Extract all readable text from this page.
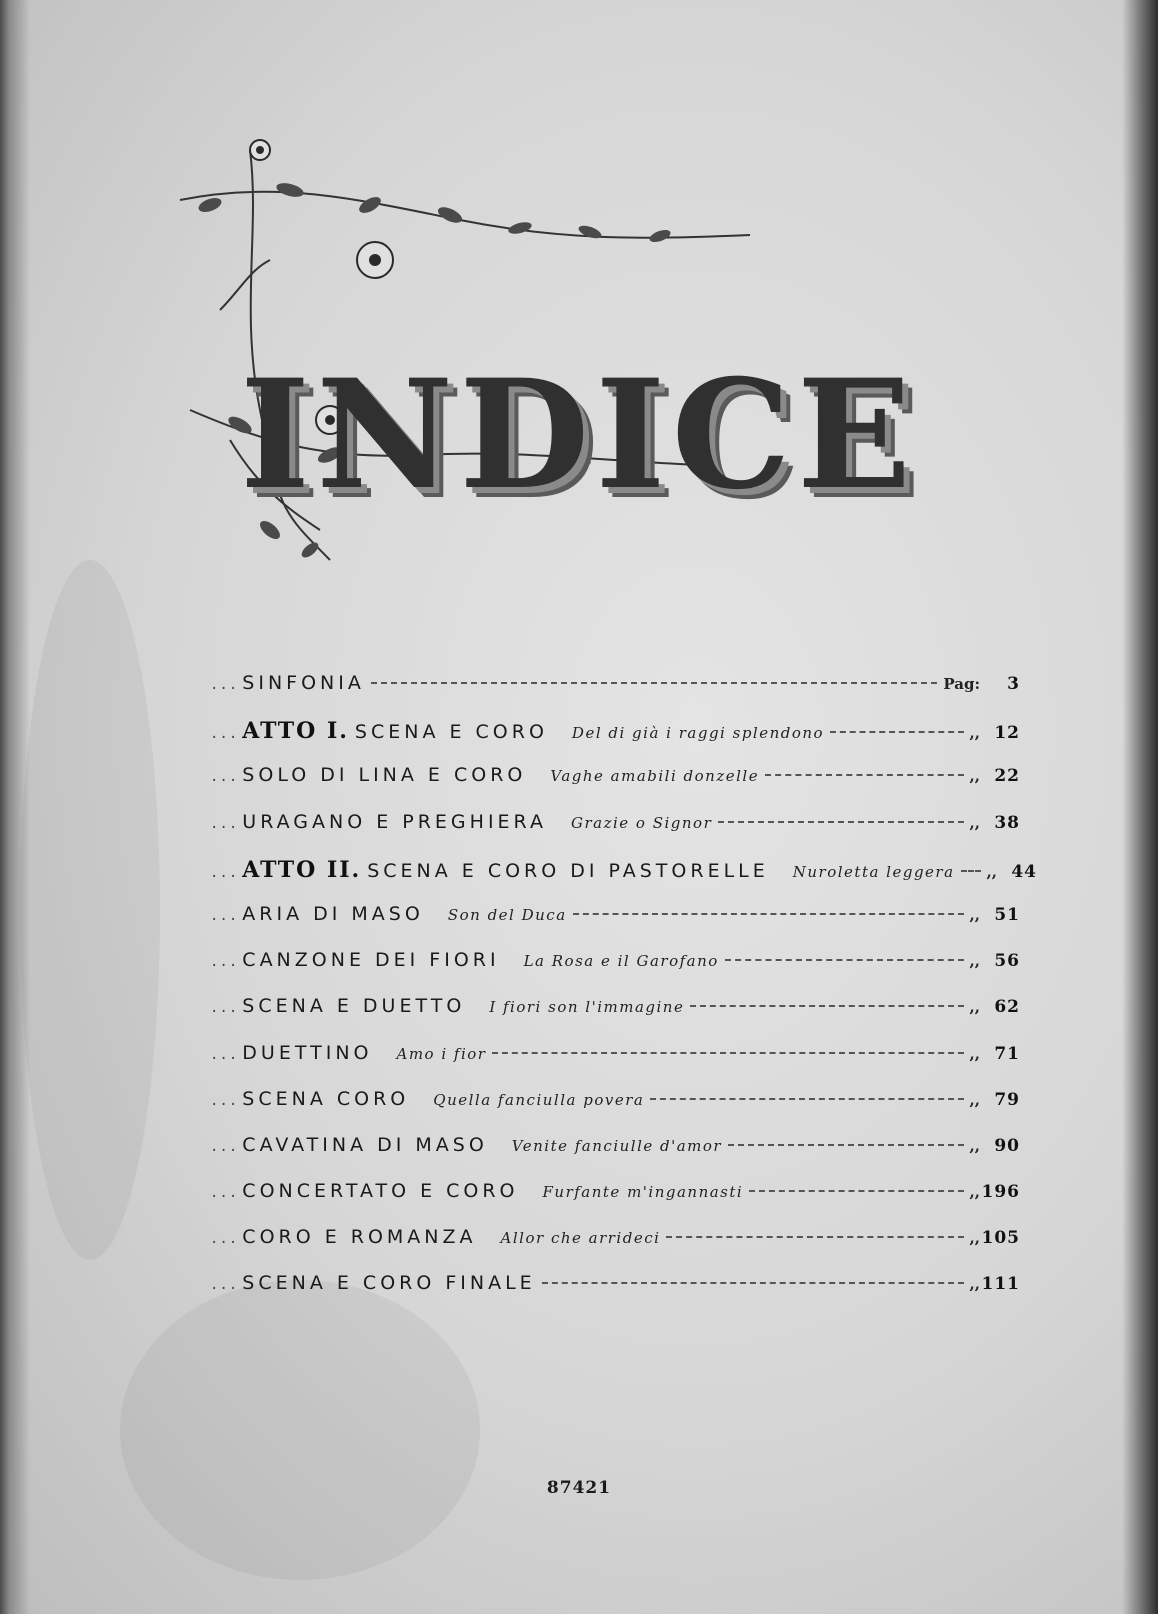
INDICE
... SINFONIA	Pag:	3
... ATTO I. SCENA E CORO Del di già i raggi splendono	,, 12
... SOLO DI LINA E CORO Vaghe amabili donzelle	,, 22
... URAGANO E PREGHIERA Grazie o Signor	,, 38
... ATTO II. SCENA E CORO DI PASTORELLE Nuroletta leggera ,, 44
... ARIA DI MASO Son del Duca	,, 51
... CANZONE DEI FIORI La Rosa e il Garofano	,, 56
... SCENA E DUETTO I fiori son l'immagine	,, 62
... DUETTINO Amo i fior	,, 71
... SCENA CORO Quella fanciulla povera	,, 79
... CAVATINA DI MASO Venite fanciulle d'amor	,, 90
... CONCERTATO E CORO Furfante m'ingannasti	,, 196
... CORO E ROMANZA Allor che arrideci	,, 105
... SCENA E CORO FINALE	,, 111
87421
